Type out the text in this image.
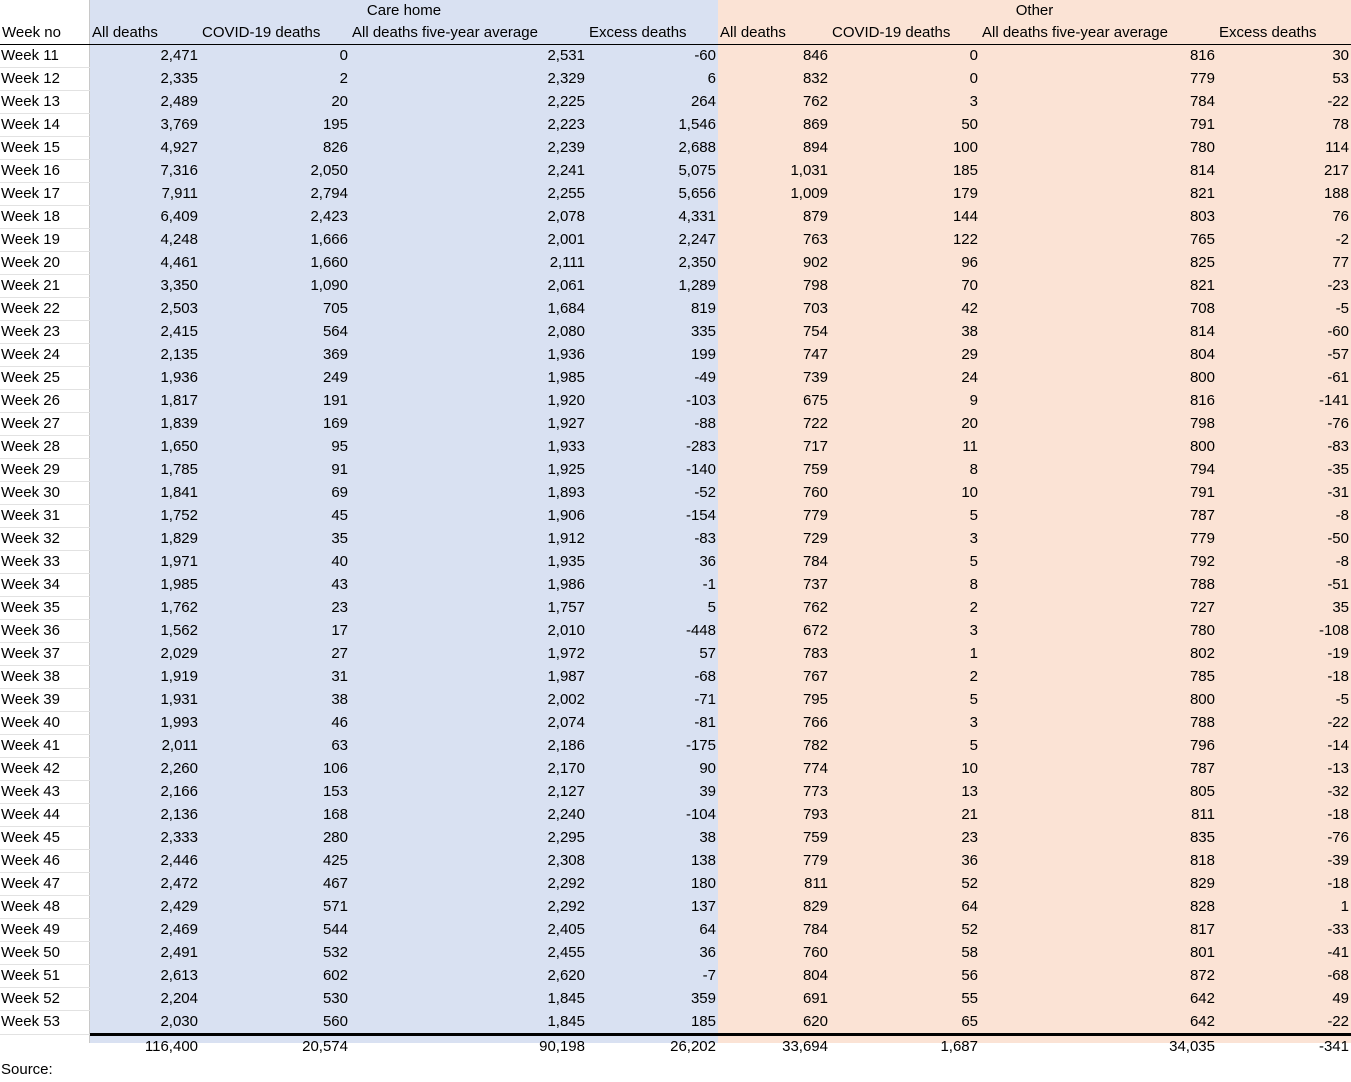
	Care home				Other			
Week no	All deaths	COVID-19 deaths	All deaths five-year average	Excess deaths	All deaths	COVID-19 deaths	All deaths five-year average	Excess deaths
Week 11	2,471	0	2,531	-60	846	0	816	30
Week 12	2,335	2	2,329	6	832	0	779	53
Week 13	2,489	20	2,225	264	762	3	784	-22
Week 14	3,769	195	2,223	1,546	869	50	791	78
Week 15	4,927	826	2,239	2,688	894	100	780	114
Week 16	7,316	2,050	2,241	5,075	1,031	185	814	217
Week 17	7,911	2,794	2,255	5,656	1,009	179	821	188
Week 18	6,409	2,423	2,078	4,331	879	144	803	76
Week 19	4,248	1,666	2,001	2,247	763	122	765	-2
Week 20	4,461	1,660	2,111	2,350	902	96	825	77
Week 21	3,350	1,090	2,061	1,289	798	70	821	-23
Week 22	2,503	705	1,684	819	703	42	708	-5
Week 23	2,415	564	2,080	335	754	38	814	-60
Week 24	2,135	369	1,936	199	747	29	804	-57
Week 25	1,936	249	1,985	-49	739	24	800	-61
Week 26	1,817	191	1,920	-103	675	9	816	-141
Week 27	1,839	169	1,927	-88	722	20	798	-76
Week 28	1,650	95	1,933	-283	717	11	800	-83
Week 29	1,785	91	1,925	-140	759	8	794	-35
Week 30	1,841	69	1,893	-52	760	10	791	-31
Week 31	1,752	45	1,906	-154	779	5	787	-8
Week 32	1,829	35	1,912	-83	729	3	779	-50
Week 33	1,971	40	1,935	36	784	5	792	-8
Week 34	1,985	43	1,986	-1	737	8	788	-51
Week 35	1,762	23	1,757	5	762	2	727	35
Week 36	1,562	17	2,010	-448	672	3	780	-108
Week 37	2,029	27	1,972	57	783	1	802	-19
Week 38	1,919	31	1,987	-68	767	2	785	-18
Week 39	1,931	38	2,002	-71	795	5	800	-5
Week 40	1,993	46	2,074	-81	766	3	788	-22
Week 41	2,011	63	2,186	-175	782	5	796	-14
Week 42	2,260	106	2,170	90	774	10	787	-13
Week 43	2,166	153	2,127	39	773	13	805	-32
Week 44	2,136	168	2,240	-104	793	21	811	-18
Week 45	2,333	280	2,295	38	759	23	835	-76
Week 46	2,446	425	2,308	138	779	36	818	-39
Week 47	2,472	467	2,292	180	811	52	829	-18
Week 48	2,429	571	2,292	137	829	64	828	1
Week 49	2,469	544	2,405	64	784	52	817	-33
Week 50	2,491	532	2,455	36	760	58	801	-41
Week 51	2,613	602	2,620	-7	804	56	872	-68
Week 52	2,204	530	1,845	359	691	55	642	49
Week 53	2,030	560	1,845	185	620	65	642	-22
	116,400	20,574	90,198	26,202	33,694	1,687	34,035	-341
Source:								
